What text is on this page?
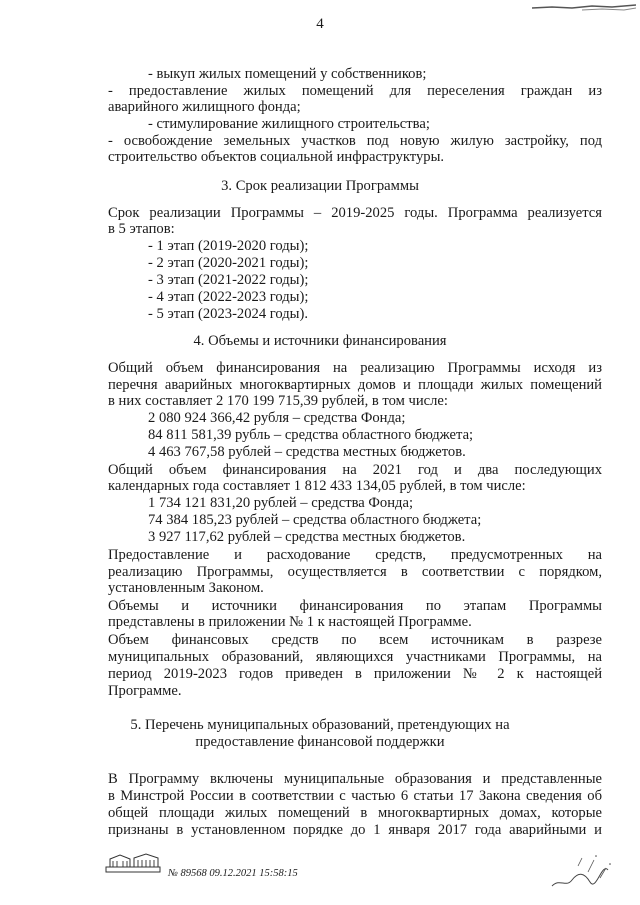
4
- выкуп жилых помещений у собственников;
- предоставление жилых помещений для переселения граждан из
аварийного жилищного фонда;
- стимулирование жилищного строительства;
- освобождение земельных участков под новую жилую застройку, под
строительство объектов социальной инфраструктуры.
3. Срок реализации Программы
Срок реализации Программы – 2019-2025 годы. Программа реализуется
в 5 этапов:
- 1 этап (2019-2020 годы);
- 2 этап (2020-2021 годы);
- 3 этап (2021-2022 годы);
- 4 этап (2022-2023 годы);
- 5 этап (2023-2024 годы).
4. Объемы и источники финансирования
Общий объем финансирования на реализацию Программы исходя из
перечня аварийных многоквартирных домов и площади жилых помещений
в них составляет 2 170 199 715,39 рублей, в том числе:
2 080 924 366,42 рубля – средства Фонда;
84 811 581,39 рубль – средства областного бюджета;
4 463 767,58 рублей – средства местных бюджетов.
Общий объем финансирования на 2021 год и два последующих
календарных года составляет 1 812 433 134,05 рублей, в том числе:
1 734 121 831,20 рублей – средства Фонда;
74 384 185,23 рублей – средства областного бюджета;
3 927 117,62 рублей – средства местных бюджетов.
Предоставление и расходование средств, предусмотренных на
реализацию Программы, осуществляется в соответствии с порядком,
установленным Законом.
Объемы и источники финансирования по этапам Программы
представлены в приложении № 1 к настоящей Программе.
Объем финансовых средств по всем источникам в разрезе
муниципальных образований, являющихся участниками Программы, на
период 2019-2023 годов приведен в приложении № 2 к настоящей
Программе.
5. Перечень муниципальных образований, претендующих на
предоставление финансовой поддержки
В Программу включены муниципальные образования и представленные
в Минстрой России в соответствии с частью 6 статьи 17 Закона сведения об
общей площади жилых помещений в многоквартирных домах, которые
признаны в установленном порядке до 1 января 2017 года аварийными и
№ 89568 09.12.2021 15:58:15
